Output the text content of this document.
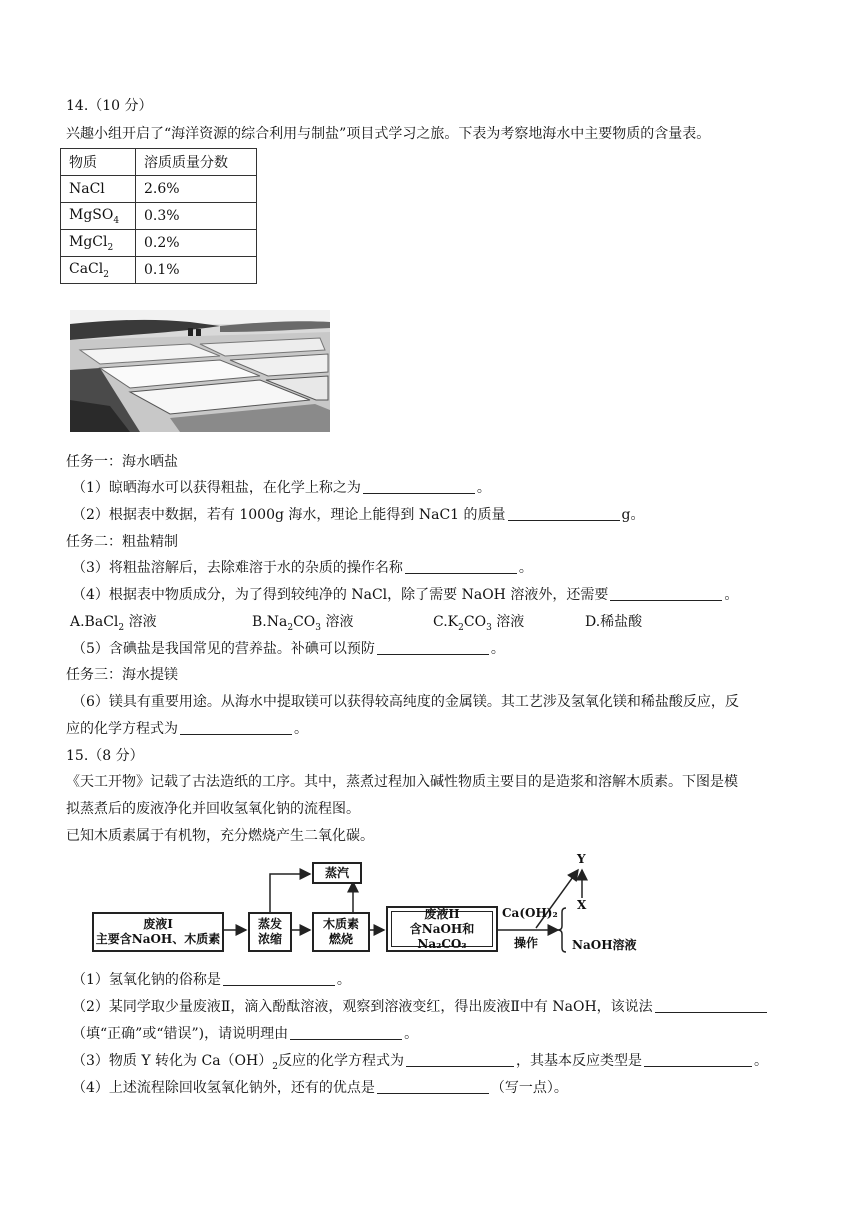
14.（10 分）
兴趣小组开启了“海洋资源的综合利用与制盐”项目式学习之旅。下表为考察地海水中主要物质的含量表。
物质	溶质质量分数
NaCl	2.6%
MgSO$_4$	0.3%
MgCl$_2$	0.2%
CaCl$_2$	0.1%
任务一：海水晒盐
（1）晾晒海水可以获得粗盐，在化学上称之为	。
（2）根据表中数据，若有 1000g 海水，理论上能得到 NaC1 的质量	g。
任务二：粗盐精制
（3）将粗盐溶解后，去除难溶于水的杂质的操作名称	。
（4）根据表中物质成分，为了得到较纯净的 NaCl，除了需要 NaOH 溶液外，还需要	。
A.BaCl$_2$ 溶液	$B.Na_2CO_3$ 溶液	$C.K_2CO_3$ 溶液	D.稀盐酸
（5）含碘盐是我国常见的营养盐。补碘可以预防	。
任务三：海水提镁
（6）镁具有重要用途。从海水中提取镁可以获得较高纯度的金属镁。其工艺涉及氢氧化镁和稀盐酸反应，反
应的化学方程式为	。
15.（8 分）
《天工开物》记载了古法造纸的工序。其中，蒸煮过程加入碱性物质主要目的是造浆和溶解木质素。下图是模
拟蒸煮后的废液净化并回收氢氧化钠的流程图。
已知木质素属于有机物，充分燃烧产生二氧化碳。
废液I
主要含NaOH、木质素
蒸发
浓缩
蒸汽
木质素
燃烧
废液II
含NaOH和Na₂CO₃
Ca(OH)₂
操作
Y
X
NaOH溶液
（1）氢氧化钠的俗称是	。
（2）某同学取少量废液Ⅱ，滴入酚酞溶液，观察到溶液变红，得出废液Ⅱ中有 NaOH，该说法
（填“正确”或“错误”)，请说明理由	。
（3）物质 Y 转化为 $Ca(OH)_2$反应的化学方程式为	，其基本反应类型是	。
（4）上述流程除回收氢氧化钠外，还有的优点是	（写一点）。
